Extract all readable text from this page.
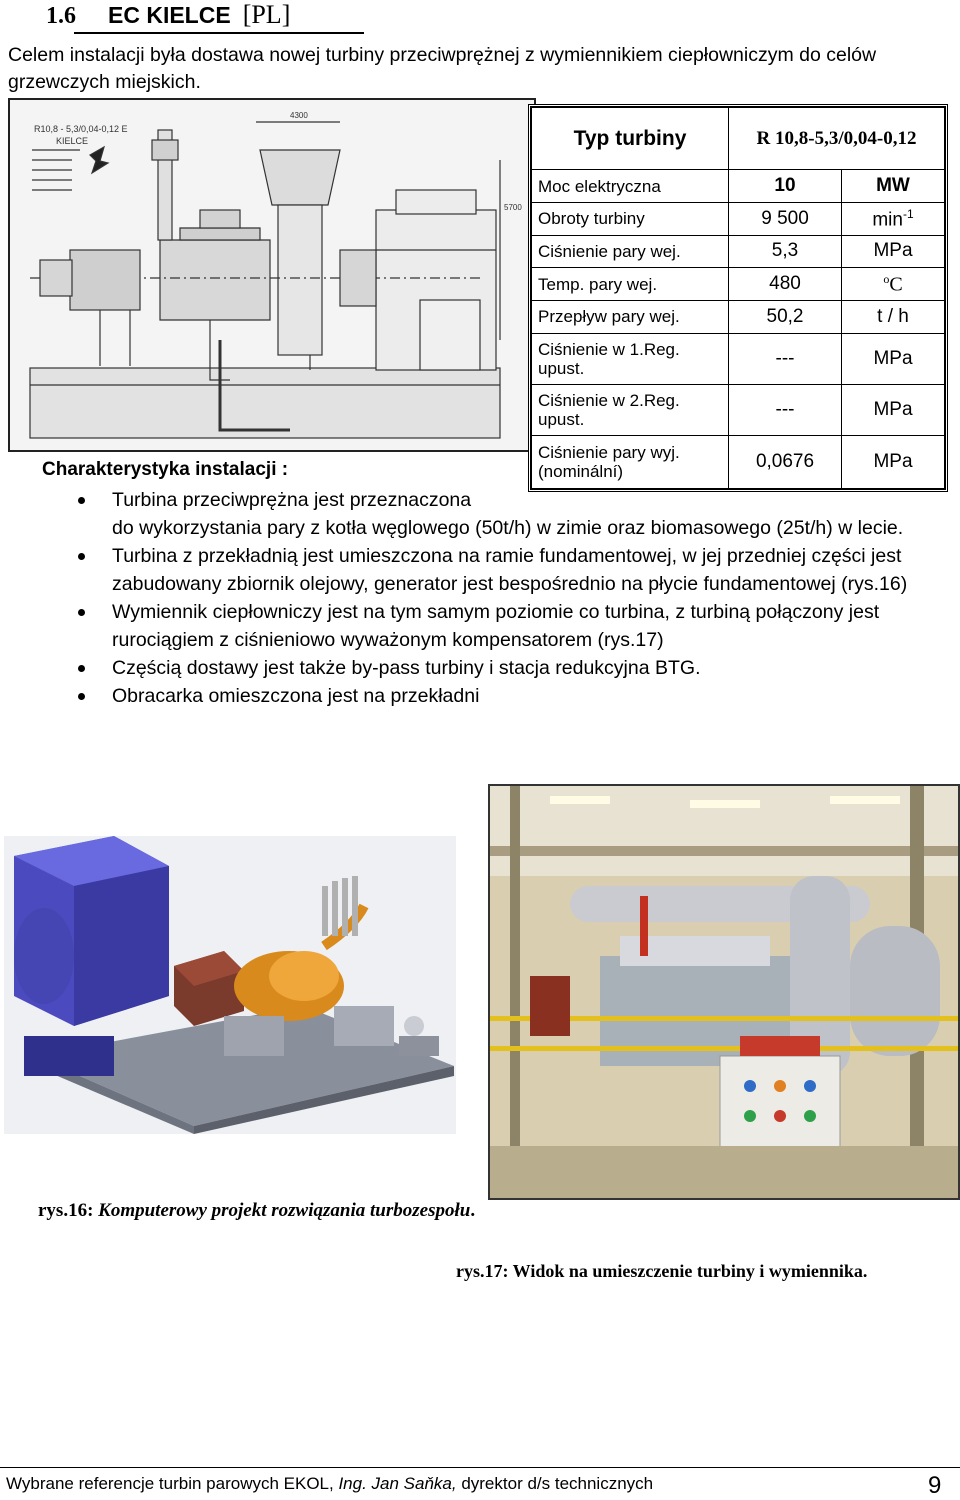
1.6 EC KIELCE [PL]
Celem instalacji była dostawa nowej turbiny przeciwprężnej z wymiennikiem ciepłowniczym do celów grzewczych miejskich.
R10,8 - 5,3/0,04-0,12 E
KIELCE
4300
5700
Typ turbiny	R 10,8-5,3/0,04-0,12	
Moc elektryczna	10	MW
Obroty turbiny	9 500	$\min^{-1}$
Ciśnienie pary wej.	5,3	MPa
Temp. pary wej.	480	$^o$C
Przepływ pary wej.	50,2	t / h
Ciśnienie w 1.Reg. upust.	---	MPa
Ciśnienie w 2.Reg. upust.	---	MPa
Ciśnienie pary wyj. (nominální)	0,0676	MPa
Charakterystyka instalacji :
Turbina przeciwprężna jest przeznaczona
do wykorzystania pary z kotła węglowego (50t/h) w zimie oraz biomasowego (25t/h) w lecie.
Turbina z przekładnią jest umieszczona na ramie fundamentowej, w jej przedniej części jest zabudowany zbiornik olejowy, generator jest bespośrednio na płycie fundamentowej (rys.16)
Wymiennik ciepłowniczy jest na tym samym poziomie co turbina, z turbiną połączony jest rurociągiem z ciśnieniowo wyważonym kompensatorem (rys.17)
Częścią dostawy jest także by-pass turbiny i stacja redukcyjna BTG.
Obracarka omieszczona jest na przekładni
rys.16: Komputerowy projekt rozwiązania turbozespołu.
rys.17: Widok na umieszczenie turbiny i wymiennika.
Wybrane referencje turbin parowych EKOL, Ing. Jan Saňka, dyrektor d/s technicznych	9
